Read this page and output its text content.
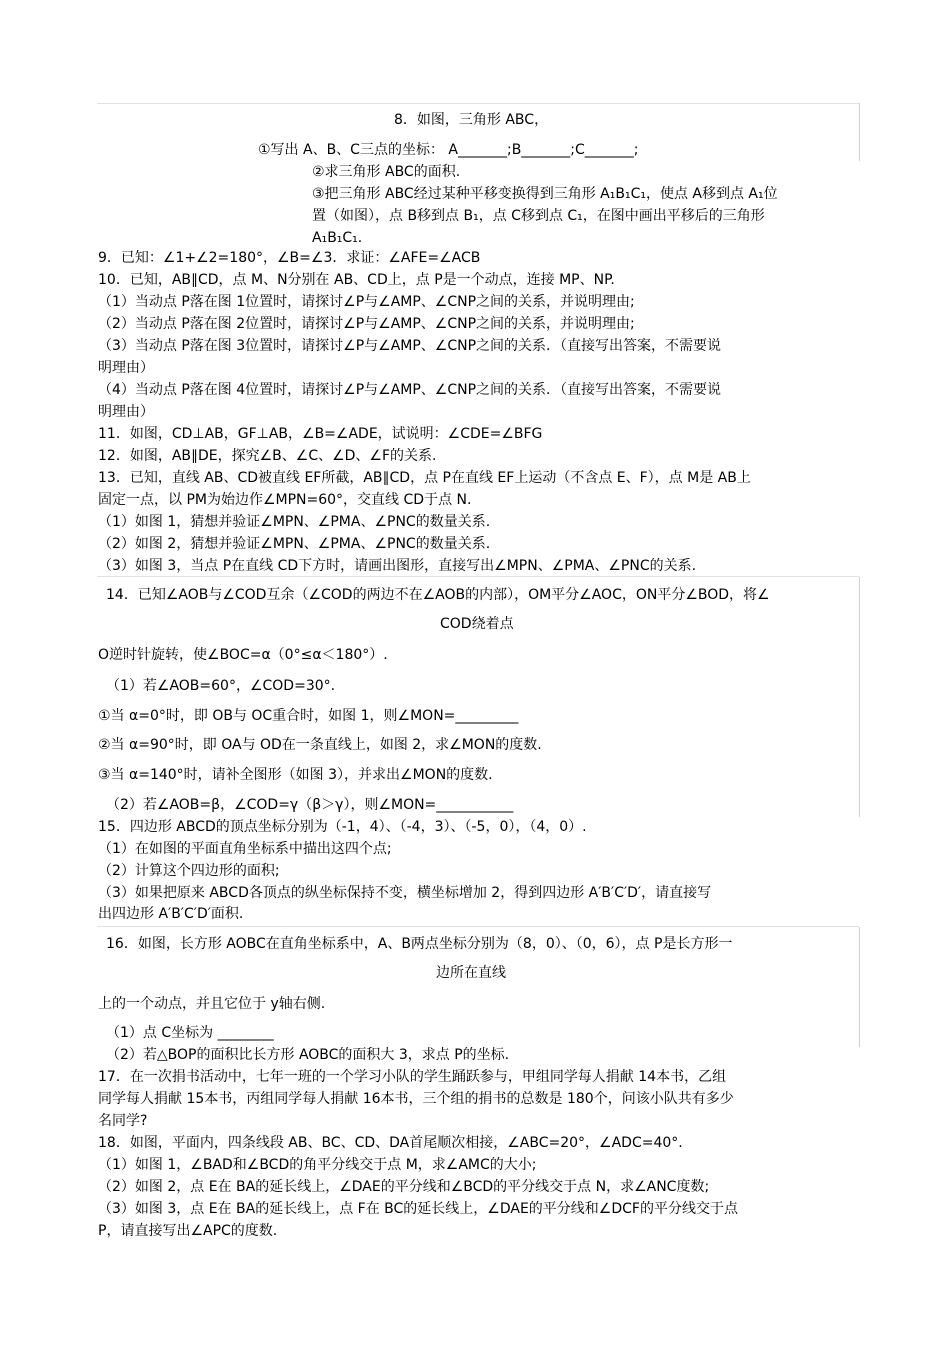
8．如图，三角形 ABC，
①写出 A、B、C三点的坐标： A_______;B_______;C_______;
②求三角形 ABC的面积.
③把三角形 ABC经过某种平移变换得到三角形 A₁B₁C₁，使点 A移到点 A₁位
置（如图），点 B移到点 B₁，点 C移到点 C₁，在图中画出平移后的三角形
A₁B₁C₁.
9．已知：∠1+∠2=180°，∠B=∠3．求证：∠AFE=∠ACB
10．已知，AB∥CD，点 M、N分别在 AB、CD上，点 P是一个动点，连接 MP、NP.
（1）当动点 P落在图 1位置时，请探讨∠P与∠AMP、∠CNP之间的关系，并说明理由;
（2）当动点 P落在图 2位置时，请探讨∠P与∠AMP、∠CNP之间的关系，并说明理由;
（3）当动点 P落在图 3位置时，请探讨∠P与∠AMP、∠CNP之间的关系．（直接写出答案，不需要说
明理由）
（4）当动点 P落在图 4位置时，请探讨∠P与∠AMP、∠CNP之间的关系．（直接写出答案，不需要说
明理由）
11．如图，CD⊥AB，GF⊥AB，∠B=∠ADE，试说明：∠CDE=∠BFG
12．如图，AB∥DE，探究∠B、∠C、∠D、∠F的关系.
13．已知，直线 AB、CD被直线 EF所截，AB∥CD，点 P在直线 EF上运动（不含点 E、F），点 M是 AB上
固定一点，以 PM为始边作∠MPN=60°，交直线 CD于点 N.
（1）如图 1，猜想并验证∠MPN、∠PMA、∠PNC的数量关系.
（2）如图 2，猜想并验证∠MPN、∠PMA、∠PNC的数量关系.
（3）如图 3，当点 P在直线 CD下方时，请画出图形，直接写出∠MPN、∠PMA、∠PNC的关系.
14．已知∠AOB与∠COD互余（∠COD的两边不在∠AOB的内部），OM平分∠AOC，ON平分∠BOD，将∠
COD绕着点
O逆时针旋转，使∠BOC=α（0°≤α＜180°）.
（1）若∠AOB=60°，∠COD=30°.
①当 α=0°时，即 OB与 OC重合时，如图 1，则∠MON=_________
②当 α=90°时，即 OA与 OD在一条直线上，如图 2，求∠MON的度数.
③当 α=140°时，请补全图形（如图 3），并求出∠MON的度数.
（2）若∠AOB=β，∠COD=γ（β＞γ），则∠MON=___________
15．四边形 ABCD的顶点坐标分别为（-1，4）、（-4，3）、（-5，0），（4，0）.
（1）在如图的平面直角坐标系中描出这四个点;
（2）计算这个四边形的面积;
（3）如果把原来 ABCD各顶点的纵坐标保持不变，横坐标增加 2，得到四边形 A′B′C′D′，请直接写
出四边形 A′B′C′D′面积.
16．如图，长方形 AOBC在直角坐标系中，A、B两点坐标分别为（8，0）、（0，6），点 P是长方形一
边所在直线
上的一个动点，并且它位于 y轴右侧.
（1）点 C坐标为 ________
（2）若△BOP的面积比长方形 AOBC的面积大 3，求点 P的坐标.
17．在一次捐书活动中，七年一班的一个学习小队的学生踊跃参与，甲组同学每人捐献 14本书，乙组
同学每人捐献 15本书，丙组同学每人捐献 16本书，三个组的捐书的总数是 180个，问该小队共有多少
名同学?
18．如图，平面内，四条线段 AB、BC、CD、DA首尾顺次相接，∠ABC=20°，∠ADC=40°.
（1）如图 1，∠BAD和∠BCD的角平分线交于点 M，求∠AMC的大小;
（2）如图 2，点 E在 BA的延长线上，∠DAE的平分线和∠BCD的平分线交于点 N，求∠ANC度数;
（3）如图 3，点 E在 BA的延长线上，点 F在 BC的延长线上，∠DAE的平分线和∠DCF的平分线交于点
P，请直接写出∠APC的度数.
